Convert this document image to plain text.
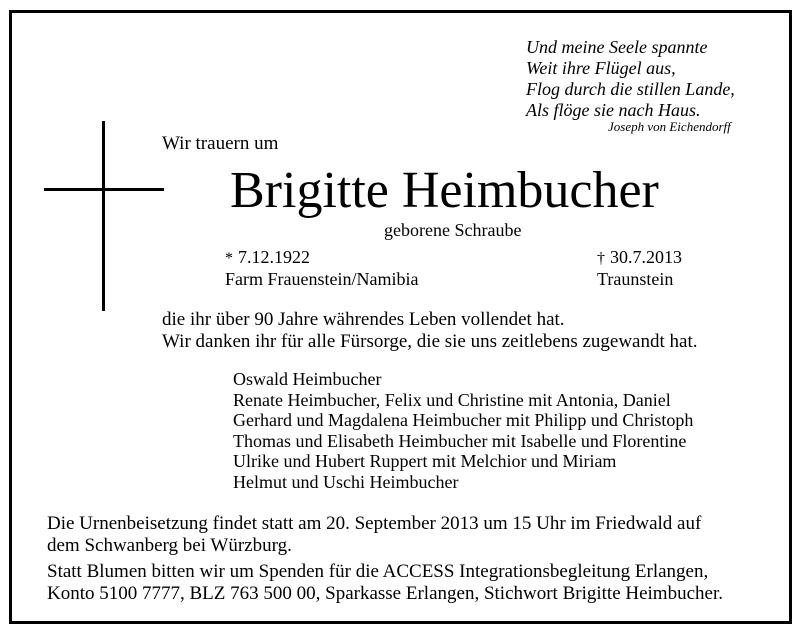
Und meine Seele spannte
Weit ihre Flügel aus,
Flog durch die stillen Lande,
Als flöge sie nach Haus.
Joseph von Eichendorff
Wir trauern um
Brigitte Heimbucher
geborene Schraube
* 7.12.1922
Farm Frauenstein/Namibia
† 30.7.2013
Traunstein
die ihr über 90 Jahre währendes Leben vollendet hat.
Wir danken ihr für alle Fürsorge, die sie uns zeitlebens zugewandt hat.
Oswald Heimbucher
Renate Heimbucher, Felix und Christine mit Antonia, Daniel
Gerhard und Magdalena Heimbucher mit Philipp und Christoph
Thomas und Elisabeth Heimbucher mit Isabelle und Florentine
Ulrike und Hubert Ruppert mit Melchior und Miriam
Helmut und Uschi Heimbucher
Die Urnenbeisetzung findet statt am 20. September 2013 um 15 Uhr im Friedwald auf
dem Schwanberg bei Würzburg.
Statt Blumen bitten wir um Spenden für die ACCESS Integrationsbegleitung Erlangen,
Konto 5100 7777, BLZ 763 500 00, Sparkasse Erlangen, Stichwort Brigitte Heimbucher.
